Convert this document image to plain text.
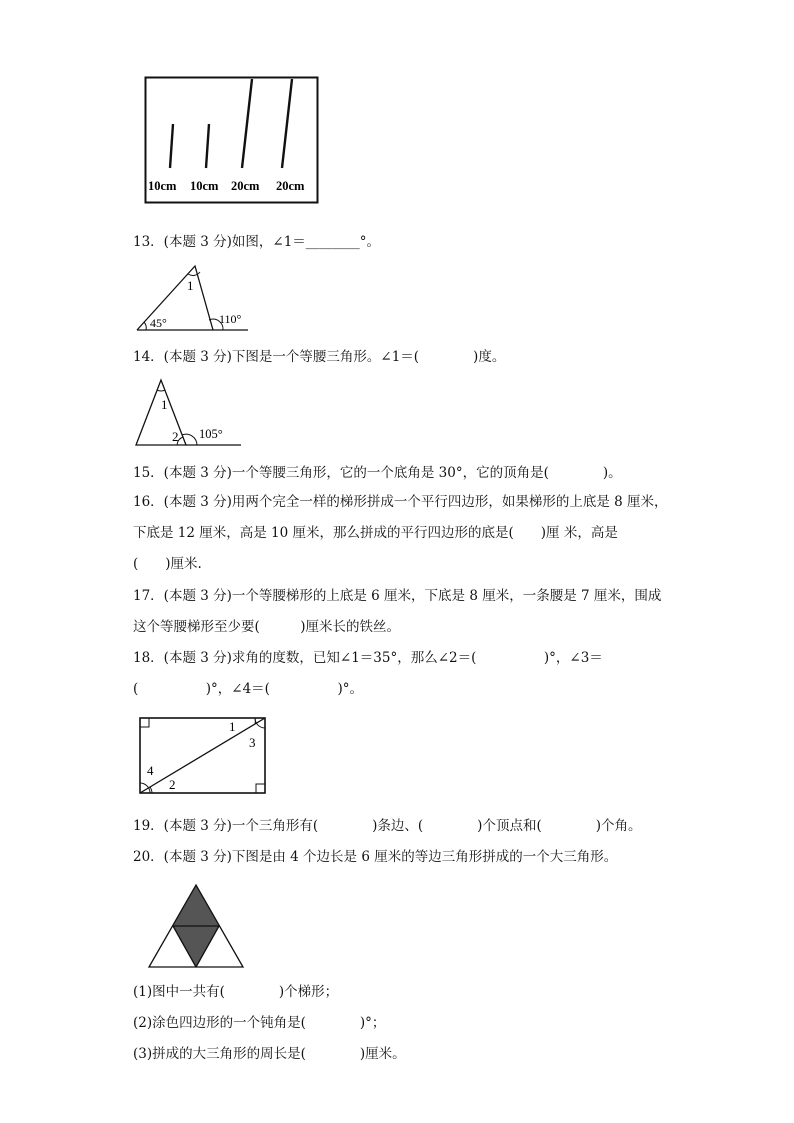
10cm 10cm 20cm 20cm
13．(本题 3 分)如图，∠1＝________°。
1
45°	110°
14．(本题 3 分)下图是一个等腰三角形。∠1＝(　　　　)度。
1
2 105°
15．(本题 3 分)一个等腰三角形，它的一个底角是 30°，它的顶角是(　　　　)。
16．(本题 3 分)用两个完全一样的梯形拼成一个平行四边形，如果梯形的上底是 8 厘米，
下底是 12 厘米，高是 10 厘米，那么拼成的平行四边形的底是(　　)厘 米，高是
(　　)厘米.
17．(本题 3 分)一个等腰梯形的上底是 6 厘米，下底是 8 厘米，一条腰是 7 厘米，围成
这个等腰梯形至少要(　　　)厘米长的铁丝。
18．(本题 3 分)求角的度数，已知∠1＝35°，那么∠2＝(　　　　　)°，∠3＝
(　　　　　)°，∠4＝(　　　　　)°。
1
3
4
2
19．(本题 3 分)一个三角形有(　　　　)条边、(　　　　)个顶点和(　　　　)个角。
20．(本题 3 分)下图是由 4 个边长是 6 厘米的等边三角形拼成的一个大三角形。
(1)图中一共有(　　　　)个梯形；
(2)涂色四边形的一个钝角是(　　　　)°；
(3)拼成的大三角形的周长是(　　　　)厘米。
